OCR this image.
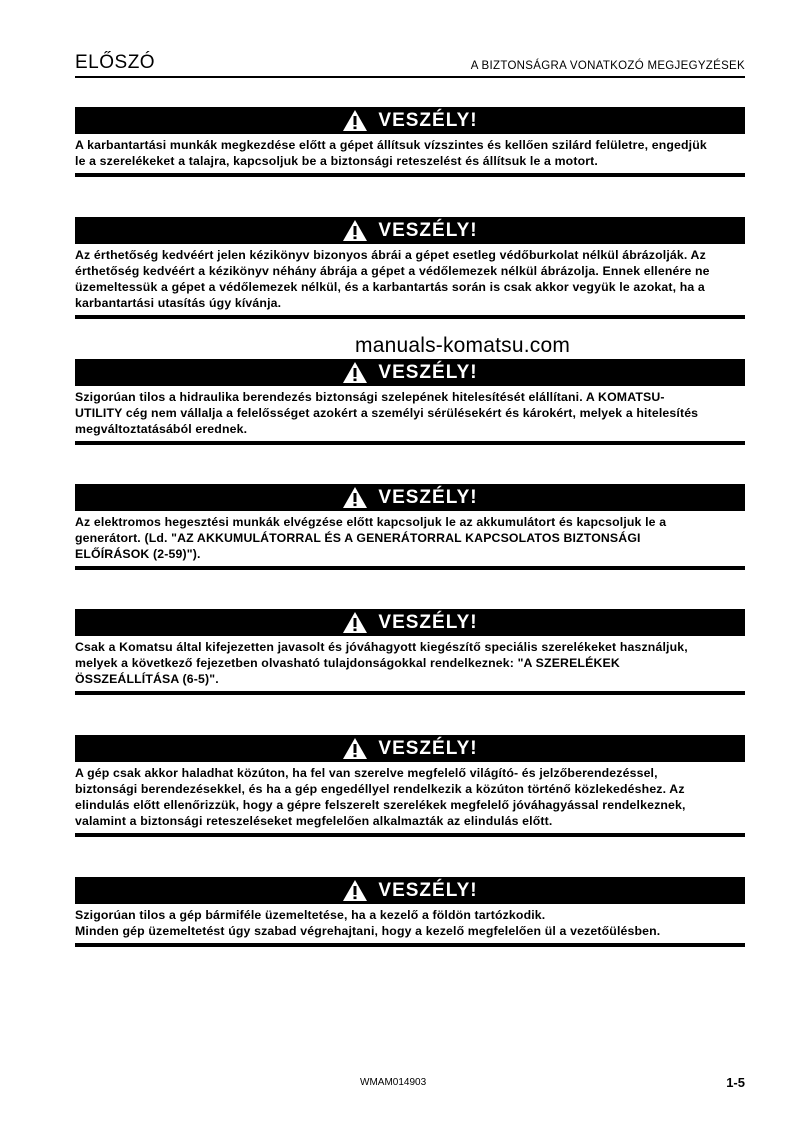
ELŐSZÓ	A BIZTONSÁGRA VONATKOZÓ MEGJEGYZÉSEK
manuals-komatsu.com
VESZÉLY!
A karbantartási munkák megkezdése előtt a gépet állítsuk vízszintes és kellően szilárd felületre, engedjük
le a szerelékeket a talajra, kapcsoljuk be a biztonsági reteszelést és állítsuk le a motort.
VESZÉLY!
Az érthetőség kedvéért jelen kézikönyv bizonyos ábrái a gépet esetleg védőburkolat nélkül ábrázolják. Az
érthetőség kedvéért a kézikönyv néhány ábrája a gépet a védőlemezek nélkül ábrázolja. Ennek ellenére ne
üzemeltessük a gépet a védőlemezek nélkül, és a karbantartás során is csak akkor vegyük le azokat, ha a
karbantartási utasítás úgy kívánja.
VESZÉLY!
Szigorúan tilos a hidraulika berendezés biztonsági szelepének hitelesítését elállítani. A KOMATSU-
UTILITY cég nem vállalja a felelősséget azokért a személyi sérülésekért és károkért, melyek a hitelesítés
megváltoztatásából erednek.
VESZÉLY!
Az elektromos hegesztési munkák elvégzése előtt kapcsoljuk le az akkumulátort és kapcsoljuk le a
generátort. (Ld. "AZ AKKUMULÁTORRAL ÉS A GENERÁTORRAL KAPCSOLATOS BIZTONSÁGI
ELŐÍRÁSOK (2-59)").
VESZÉLY!
Csak a Komatsu által kifejezetten javasolt és jóváhagyott kiegészítő speciális szerelékeket használjuk,
melyek a következő fejezetben olvasható tulajdonságokkal rendelkeznek: "A SZERELÉKEK
ÖSSZEÁLLÍTÁSA (6-5)".
VESZÉLY!
A gép csak akkor haladhat közúton, ha fel van szerelve megfelelő világító- és jelzőberendezéssel,
biztonsági berendezésekkel, és ha a gép engedéllyel rendelkezik a közúton történő közlekedéshez. Az
elindulás előtt ellenőrizzük, hogy a gépre felszerelt szerelékek megfelelő jóváhagyással rendelkeznek,
valamint a biztonsági reteszeléseket megfelelően alkalmazták az elindulás előtt.
VESZÉLY!
Szigorúan tilos a gép bármiféle üzemeltetése, ha a kezelő a földön tartózkodik.
Minden gép üzemeltetést úgy szabad végrehajtani, hogy a kezelő megfelelően ül a vezetőülésben.
WMAM014903	1-5
